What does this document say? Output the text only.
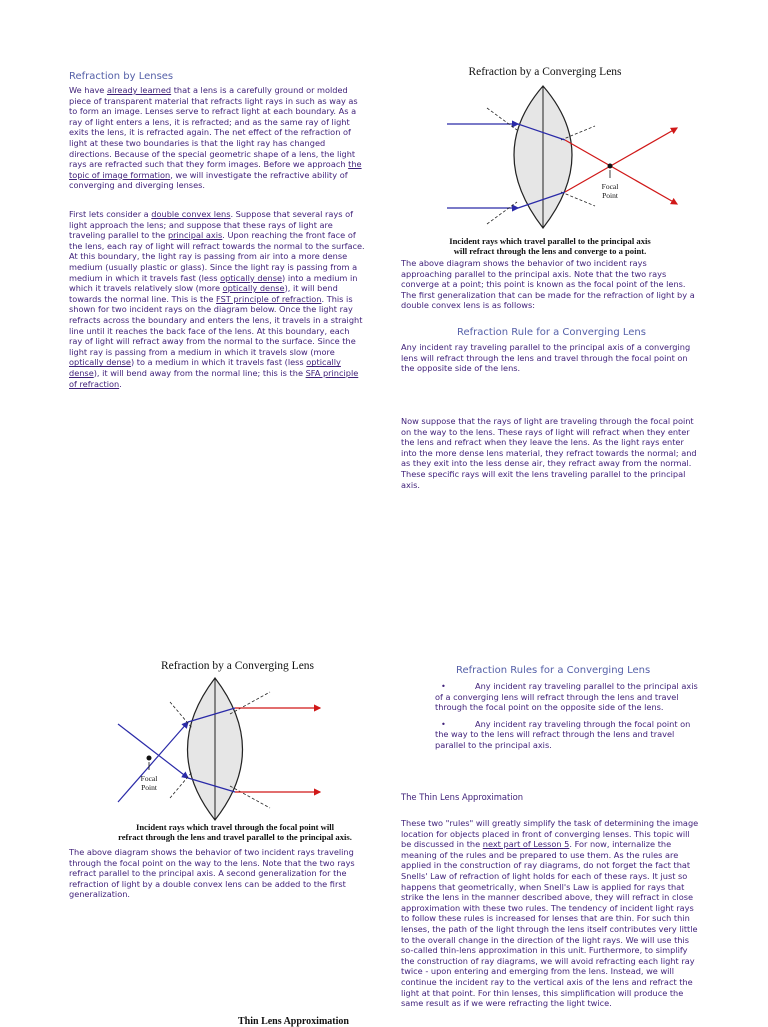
Refraction by Lenses
We have already learned that a lens is a carefully ground or molded piece of transparent material that refracts light rays in such as way as to form an image. Lenses serve to refract light at each boundary. As a ray of light enters a lens, it is refracted; and as the same ray of light exits the lens, it is refracted again. The net effect of the refraction of light at these two boundaries is that the light ray has changed directions. Because of the special geometric shape of a lens, the light rays are refracted such that they form images. Before we approach the topic of image formation, we will investigate the refractive ability of converging and diverging lenses.
First lets consider a double convex lens. Suppose that several rays of light approach the lens; and suppose that these rays of light are traveling parallel to the principal axis. Upon reaching the front face of the lens, each ray of light will refract towards the normal to the surface. At this boundary, the light ray is passing from air into a more dense medium (usually plastic or glass). Since the light ray is passing from a medium in which it travels fast (less optically dense) into a medium in which it travels relatively slow (more optically dense), it will bend towards the normal line. This is the FST principle of refraction. This is shown for two incident rays on the diagram below. Once the light ray refracts across the boundary and enters the lens, it travels in a straight line until it reaches the back face of the lens. At this boundary, each ray of light will refract away from the normal to the surface. Since the light ray is passing from a medium in which it travels slow (more optically dense) to a medium in which it travels fast (less optically dense), it will bend away from the normal line; this is the SFA principle of refraction.
Refraction by a Converging Lens
Focal
Point
Incident rays which travel parallel to the principal axis
will refract through the lens and converge to a point.
The above diagram shows the behavior of two incident rays approaching parallel to the principal axis. Note that the two rays converge at a point; this point is known as the focal point of the lens. The first generalization that can be made for the refraction of light by a double convex lens is as follows:
Refraction Rule for a Converging Lens
Any incident ray traveling parallel to the principal axis of a converging lens will refract through the lens and travel through the focal point on the opposite side of the lens.
Now suppose that the rays of light are traveling through the focal point on the way to the lens. These rays of light will refract when they enter the lens and refract when they leave the lens. As the light rays enter into the more dense lens material, they refract towards the normal; and as they exit into the less dense air, they refract away from the normal. These specific rays will exit the lens traveling parallel to the principal axis.
Refraction by a Converging Lens
Focal
Point
Incident rays which travel through the focal point will
refract through the lens and travel parallel to the principal axis.
The above diagram shows the behavior of two incident rays traveling through the focal point on the way to the lens. Note that the two rays refract parallel to the principal axis. A second generalization for the refraction of light by a double convex lens can be added to the first generalization.
Refraction Rules for a Converging Lens
•	Any incident ray traveling parallel to the principal axis of a converging lens will refract through the lens and travel through the focal point on the opposite side of the lens.
•	Any incident ray traveling through the focal point on the way to the lens will refract through the lens and travel parallel to the principal axis.
The Thin Lens Approximation
These two "rules" will greatly simplify the task of determining the image location for objects placed in front of converging lenses. This topic will be discussed in the next part of Lesson 5. For now, internalize the meaning of the rules and be prepared to use them. As the rules are applied in the construction of ray diagrams, do not forget the fact that Snells' Law of refraction of light holds for each of these rays. It just so happens that geometrically, when Snell's Law is applied for rays that strike the lens in the manner described above, they will refract in close approximation with these two rules. The tendency of incident light rays to follow these rules is increased for lenses that are thin. For such thin lenses, the path of the light through the lens itself contributes very little to the overall change in the direction of the light rays. We will use this so-called thin-lens approximation in this unit. Furthermore, to simplify the construction of ray diagrams, we will avoid refracting each light ray twice - upon entering and emerging from the lens. Instead, we will continue the incident ray to the vertical axis of the lens and refract the light at that point. For thin lenses, this simplification will produce the same result as if we were refracting the light twice.
Thin Lens Approximation
